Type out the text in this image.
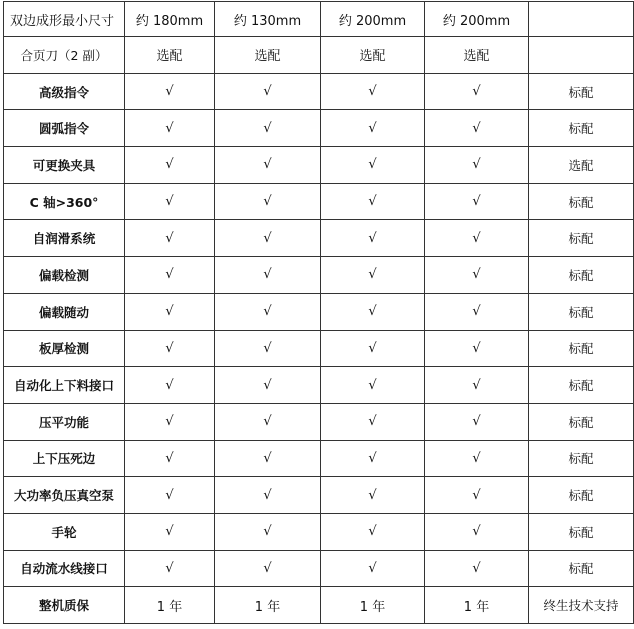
双边成形最小尺寸	约 180mm	约 130mm	约 200mm	约 200mm	
合页刀（2 副）	选配	选配	选配	选配	
高级指令	√	√	√	√	标配
圆弧指令	√	√	√	√	标配
可更换夹具	√	√	√	√	选配
C 轴>360°	√	√	√	√	标配
自润滑系统	√	√	√	√	标配
偏载检测	√	√	√	√	标配
偏载随动	√	√	√	√	标配
板厚检测	√	√	√	√	标配
自动化上下料接口	√	√	√	√	标配
压平功能	√	√	√	√	标配
上下压死边	√	√	√	√	标配
大功率负压真空泵	√	√	√	√	标配
手轮	√	√	√	√	标配
自动流水线接口	√	√	√	√	标配
整机质保	1 年	1 年	1 年	1 年	终生技术支持
